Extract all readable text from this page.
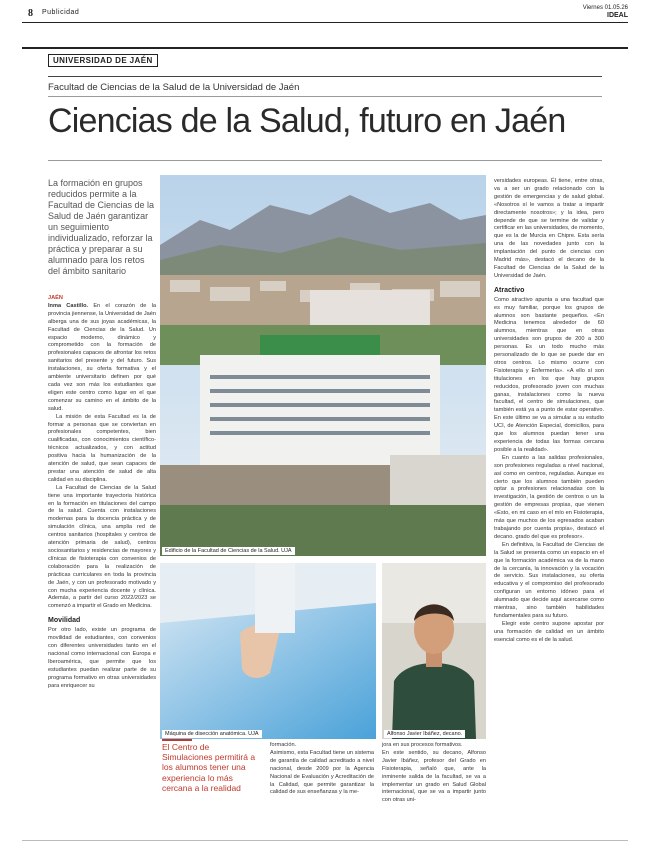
8 Publicidad
Viernes 01.05.26
IDEAL
UNIVERSIDAD DE JAÉN
Facultad de Ciencias de la Salud de la Universidad de Jaén
Ciencias de la Salud, futuro en Jaén
La formación en grupos reducidos permite a la Facultad de Ciencias de la Salud de Jaén garantizar un seguimiento individualizado, reforzar la práctica y preparar a su alumnado para los retos del ámbito sanitario
JAÉN
Inma Castillo. En el corazón de la provincia jiennense, la Universidad de Jaén alberga una de sus joyas académicas, la Facultad de Ciencias de la Salud. Un espacio moderno, dinámico y comprometido con la formación de profesionales capaces de afrontar los retos sanitarios del presente y del futuro. Sus instalaciones, su oferta formativa y el ambiente universitario definen por qué cada vez son más los estudiantes que eligen este centro como lugar en el que comenzar su camino en el ámbito de la salud.
La misión de esta Facultad es la de formar a personas que se conviertan en profesionales competentes, bien cualificadas, con conocimientos científico-técnicos actualizados, y con actitud positiva hacia la humanización de la atención de salud, que sean capaces de prestar una atención de salud de alta calidad en su disciplina.
La Facultad de Ciencias de la Salud tiene una importante trayectoria histórica en la formación en titulaciones del campo de la salud. Cuenta con instalaciones modernas para la docencia práctica y de simulación clínica, una amplia red de centros sanitarios (hospitales y centros de atención primaria de salud), centros sociosanitarios y residencias de mayores y clínicas de fisioterapia con convenios de colaboración para la realización de prácticas curriculares en toda la provincia de Jaén, y con un profesorado motivado y con mucha experiencia docente y clínica. Además, a partir del curso 2022/2023 se comenzó a impartir el Grado en Medicina.
Movilidad
Por otro lado, existe un programa de movilidad de estudiantes, con convenios con diferentes universidades tanto en el nacional como internacional con Europa e Iberoamérica, que permite que los estudiantes puedan realizar parte de su programa formativo en otras universidades para enriquecer su
Edificio de la Facultad de Ciencias de la Salud. UJA
Máquina de disección anatómica. UJA	Alfonso Javier Ibáñez, decano.
El Centro de Simulaciones permitirá a los alumnos tener una experiencia lo más cercana a la realidad
formación.
Asimismo, esta Facultad tiene un sistema de garantía de calidad acreditado a nivel nacional, desde 2009 por la Agencia Nacional de Evaluación y Acreditación de la Calidad, que permite garantizar la calidad de sus enseñanzas y la me-
jora en sus procesos formativos.
En este sentido, su decano, Alfonso Javier Ibáñez, profesor del Grado en Fisioterapia, señaló que, ante la inminente salida de la facultad, se va a implementar un grado en Salud Global internacional, que se va a impartir junto con otras uni-
versidades europeas. Él tiene, entre otras, va a ser un grado relacionado con la gestión de emergencias y de salud global. «Nosotros sí le vamos a tratar a impartir directamente nosotros»; y la idea, pero depende de que se termine de validar y certificar en las universidades, de momento, que es la de Murcia en Chipre. Esta sería una de las novedades junto con la implantación del punto de ciencias con Madrid más», destacó el decano de la Facultad de Ciencias de la Salud de la Universidad de Jaén.
Atractivo
Como atractivo apunta a una facultad que es muy familiar, porque los grupos de alumnos son bastante pequeños. «En Medicina tenemos alrededor de 60 alumnos, mientras que en otras universidades son grupos de 200 a 300 personas. Es un todo mucho más personalizado de lo que se puede dar en otros centros. Lo mismo ocurre con Fisioterapia y Enfermería». «A ello sí son titulaciones en los que hay grupos reducidos, profesorado joven con muchas ganas, instalaciones como la nueva facultad, el centro de simulaciones, que también está ya a punto de estar operativo. En este último se va a simular a su estudio UCI, de Atención Especial, domicilios, para que los alumnos puedan tener una experiencia de todas las formas cercana posible a la realidad».
En cuanto a las salidas profesionales, son profesiones reguladas a nivel nacional, así como en centros, reguladas. Aunque es cierto que los alumnos también pueden optar a profesiones relacionadas con la investigación, la gestión de centros o un la gestión de empresas propias, que vienen «Esto, en mi caso en el mío en Fisioterapia, más que muchos de los egresados acaban trabajando por cuenta propia», destacó el decano. grado del que es profesor».
En definitiva, la Facultad de Ciencias de la Salud se presenta como un espacio en el que la formación académica va de la mano de la cercanía, la innovación y la vocación de servicio. Sus instalaciones, su oferta educativa y el compromiso del profesorado configuran un entorno idóneo para el alumnado que decide aquí acercarse como mientras, sino también habilidades fundamentales para su futuro.
Elegir este centro supone apostar por una formación de calidad en un ámbito esencial como es el de la salud.
